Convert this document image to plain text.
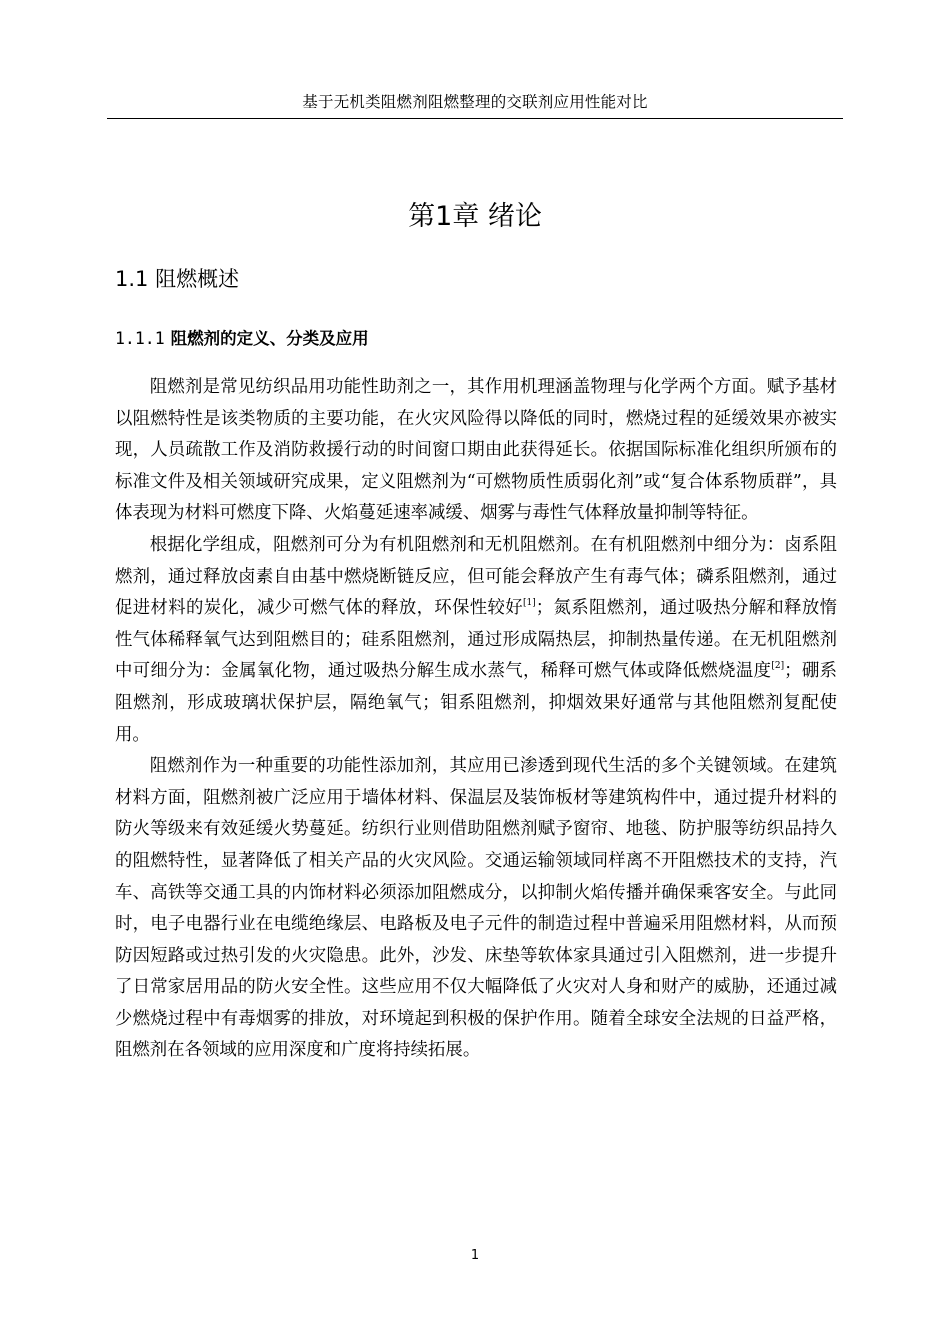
基于无机类阻燃剂阻燃整理的交联剂应用性能对比
第1章 绪论
1.1 阻燃概述
1.1.1 阻燃剂的定义、分类及应用

阻燃剂是常见纺织品用功能性助剂之一，其作用机理涵盖物理与化学两个方面。赋予基材以阻燃特性是该类物质的主要功能，在火灾风险得以降低的同时，燃烧过程的延缓效果亦被实现，人员疏散工作及消防救援行动的时间窗口期由此获得延长。依据国际标准化组织所颁布的标准文件及相关领域研究成果，定义阻燃剂为“可燃物质性质弱化剂”或“复合体系物质群”，具体表现为材料可燃度下降、火焰蔓延速率减缓、烟雾与毒性气体释放量抑制等特征。

根据化学组成，阻燃剂可分为有机阻燃剂和无机阻燃剂。在有机阻燃剂中细分为：卤系阻燃剂，通过释放卤素自由基中燃烧断链反应，但可能会释放产生有毒气体；磷系阻燃剂，通过促进材料的炭化，减少可燃气体的释放，环保性较好[1]；氮系阻燃剂，通过吸热分解和释放惰性气体稀释氧气达到阻燃目的；硅系阻燃剂，通过形成隔热层，抑制热量传递。在无机阻燃剂中可细分为：金属氧化物，通过吸热分解生成水蒸气，稀释可燃气体或降低燃烧温度[2]；硼系阻燃剂，形成玻璃状保护层，隔绝氧气；钼系阻燃剂，抑烟效果好通常与其他阻燃剂复配使用。

阻燃剂作为一种重要的功能性添加剂，其应用已渗透到现代生活的多个关键领域。在建筑材料方面，阻燃剂被广泛应用于墙体材料、保温层及装饰板材等建筑构件中，通过提升材料的防火等级来有效延缓火势蔓延。纺织行业则借助阻燃剂赋予窗帘、地毯、防护服等纺织品持久的阻燃特性，显著降低了相关产品的火灾风险。交通运输领域同样离不开阻燃技术的支持，汽车、高铁等交通工具的内饰材料必须添加阻燃成分，以抑制火焰传播并确保乘客安全。与此同时，电子电器行业在电缆绝缘层、电路板及电子元件的制造过程中普遍采用阻燃材料，从而预防因短路或过热引发的火灾隐患。此外，沙发、床垫等软体家具通过引入阻燃剂，进一步提升了日常家居用品的防火安全性。这些应用不仅大幅降低了火灾对人身和财产的威胁，还通过减少燃烧过程中有毒烟雾的排放，对环境起到积极的保护作用。随着全球安全法规的日益严格，阻燃剂在各领域的应用深度和广度将持续拓展。

1
